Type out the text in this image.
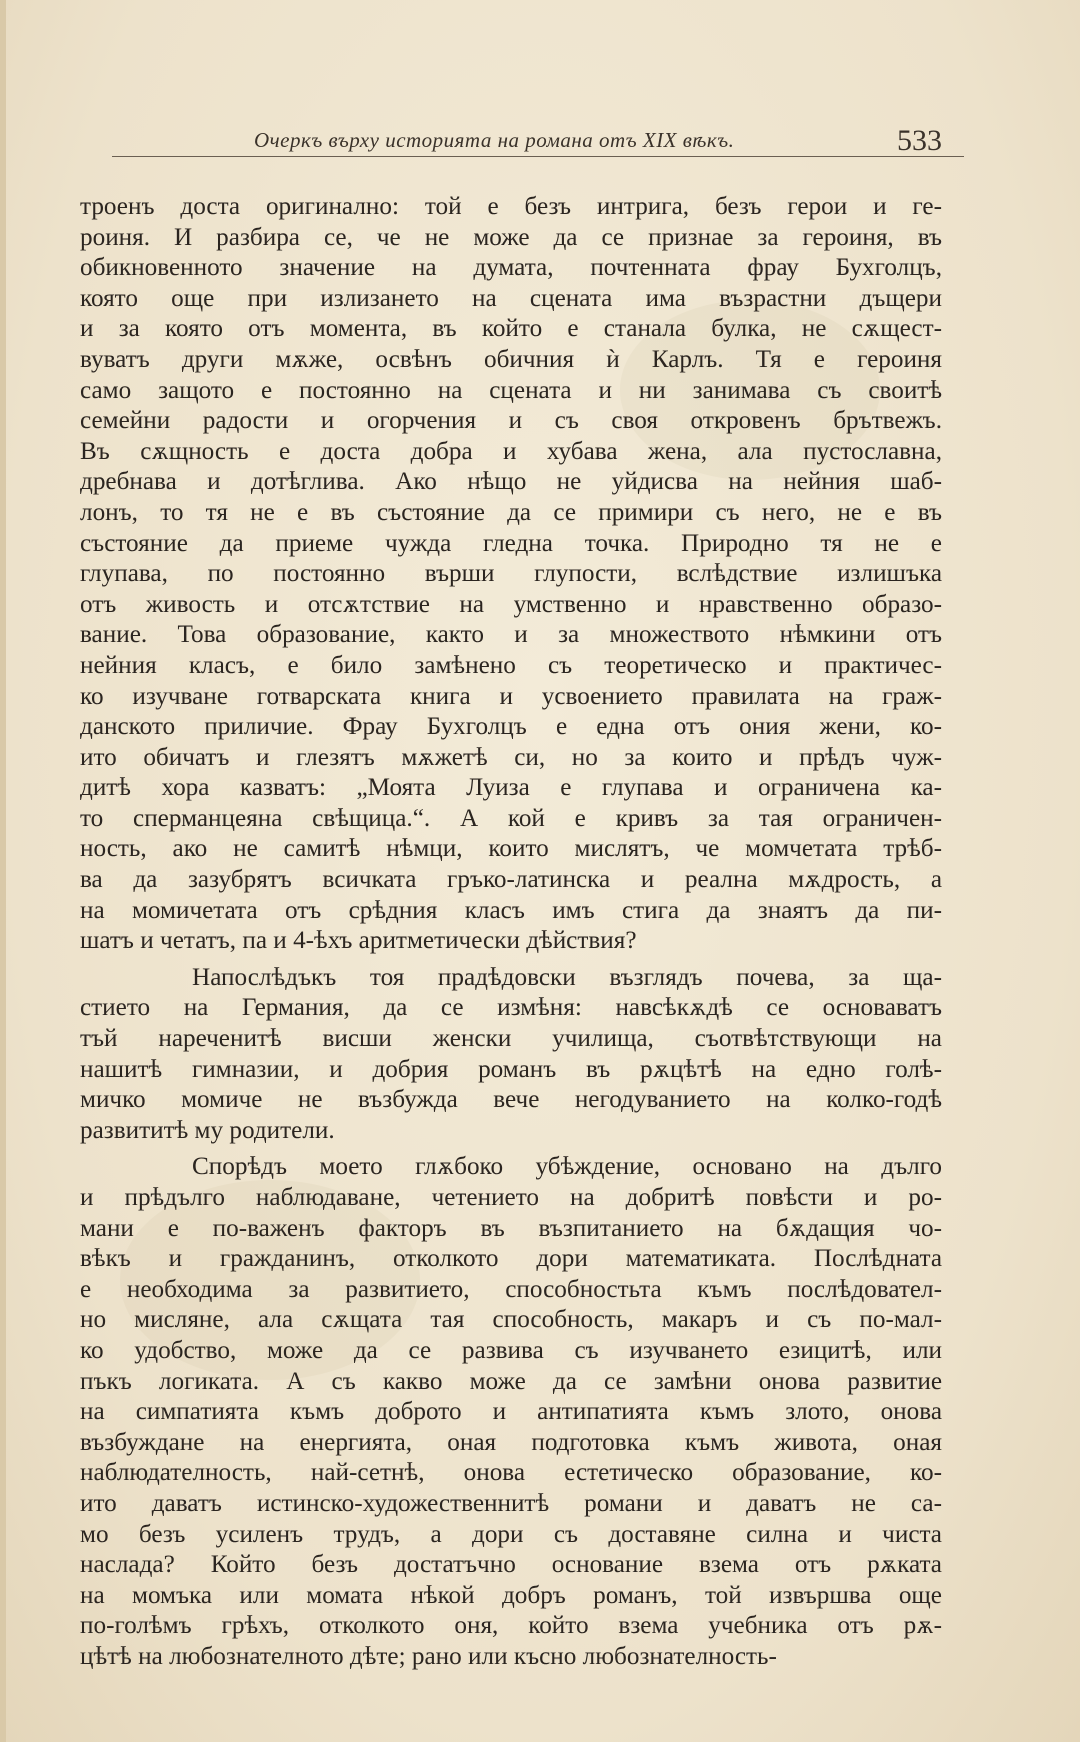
Очеркъ върху историята на романа отъ XIX вѣкъ.	533

троенъ доста оригинално: той е безъ интрига, безъ герои и ге-
роиня. И разбира се, че не може да се признае за героиня, въ
обикновенното значение на думата, почтенната фрау Бухголцъ,
която още при излизането на сцената има възрастни дъщери
и за която отъ момента, въ който е станала булка, не сѫщест-
вуватъ други мѫже, освѣнъ обичния ѝ Карлъ. Тя е героиня
само защото е постоянно на сцената и ни занимава съ своитѣ
семейни радости и огорчения и съ своя откровенъ брътвежъ.
Въ сѫщность е доста добра и хубава жена, ала пустославна,
дребнава и дотѣглива. Ако нѣщо не уйдисва на нейния шаб-
лонъ, то тя не е въ състояние да се примири съ него, не е въ
състояние да приеме чужда гледна точка. Природно тя не е
глупава, по постоянно върши глупости, вслѣдствие излишъка
отъ живость и отсѫтствие на умственно и нравственно образо-
вание. Това образование, както и за множеството нѣмкини отъ
нейния класъ, е било замѣнено съ теоретическо и практичес-
ко изучване готварската книга и усвоението правилата на граж-
данското приличие. Фрау Бухголцъ е една отъ ония жени, ко-
ито обичатъ и глезятъ мѫжетѣ си, но за които и прѣдъ чуж-
дитѣ хора казватъ: „Моята Луиза е глупава и ограничена ка-
то сперманцеяна свѣщица.“. А кой е кривъ за тая ограничен-
ность, ако не самитѣ нѣмци, които мислятъ, че момчетата трѣб-
ва да зазубрятъ всичката гръко-латинска и реална мѫдрость, а
на момичетата отъ срѣдния класъ имъ стига да знаятъ да пи-
шатъ и четатъ, па и 4-ѣхъ аритметически дѣйствия?

Напослѣдъкъ тоя прадѣдовски възглядъ почева, за ща-
стието на Германия, да се измѣня: навсѣкѫдѣ се основаватъ
тъй нареченитѣ висши женски училища, съотвѣтствующи на
нашитѣ гимназии, и добрия романъ въ рѫцѣтѣ на едно голѣ-
мичко момиче не възбужда вече негодуванието на колко-годѣ
развититѣ му родители.

Спорѣдъ моето глѫбоко убѣждение, основано на дълго
и прѣдълго наблюдаване, четението на добритѣ повѣсти и ро-
мани е по-важенъ факторъ въ възпитанието на бѫдащия чо-
вѣкъ и гражданинъ, отколкото дори математиката. Послѣдната
е необходима за развитието, способностьта къмъ послѣдовател-
но мисляне, ала сѫщата тая способность, макаръ и съ по-мал-
ко удобство, може да се развива съ изучването езицитѣ, или
пъкъ логиката. А съ какво може да се замѣни онова развитие
на симпатията къмъ доброто и антипатията къмъ злото, онова
възбуждане на енергията, оная подготовка къмъ живота, оная
наблюдателность, най-сетнѣ, онова естетическо образование, ко-
ито даватъ истинско-художественнитѣ романи и даватъ не са-
мо безъ усиленъ трудъ, а дори съ доставяне силна и чиста
наслада? Който безъ достатъчно основание взема отъ рѫката
на момъка или момата нѣкой добръ романъ, той извършва още
по-голѣмъ грѣхъ, отколкото оня, който взема учебника отъ рѫ-
цѣтѣ на любознателното дѣте; рано или късно любознателность-
